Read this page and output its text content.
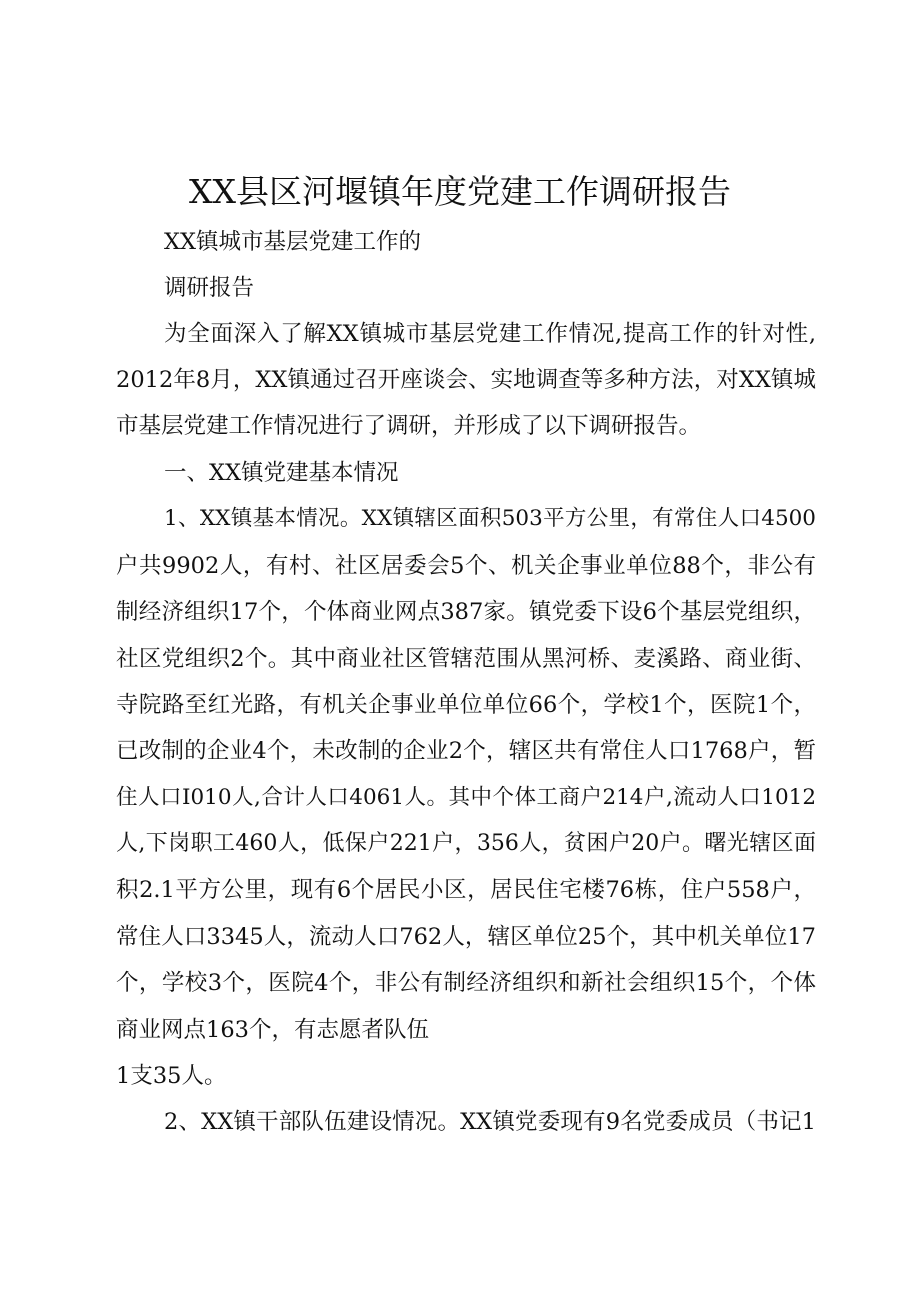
XX县区河堰镇年度党建工作调研报告
XX镇城市基层党建工作的
调研报告
为全面深入了解XX镇城市基层党建工作情况,提高工作的针对性,
2012年8月，XX镇通过召开座谈会、实地调查等多种方法，对XX镇城
市基层党建工作情况进行了调研，并形成了以下调研报告。
一、XX镇党建基本情况
1、XX镇基本情况。XX镇辖区面积503平方公里，有常住人口4500
户共9902人，有村、社区居委会5个、机关企事业单位88个，非公有
制经济组织17个，个体商业网点387家。镇党委下设6个基层党组织，
社区党组织2个。其中商业社区管辖范围从黑河桥、麦溪路、商业街、
寺院路至红光路，有机关企事业单位单位66个，学校1个，医院1个，
已改制的企业4个，未改制的企业2个，辖区共有常住人口1768户，暂
住人口I010人,合计人口4061人。其中个体工商户214户,流动人口1012
人,下岗职工460人，低保户221户，356人，贫困户20户。曙光辖区面
积2.1平方公里，现有6个居民小区，居民住宅楼76栋，住户558户，
常住人口3345人，流动人口762人，辖区单位25个，其中机关单位17
个，学校3个，医院4个，非公有制经济组织和新社会组织15个，个体
商业网点163个，有志愿者队伍
1支35人。
2、XX镇干部队伍建设情况。XX镇党委现有9名党委成员（书记1
